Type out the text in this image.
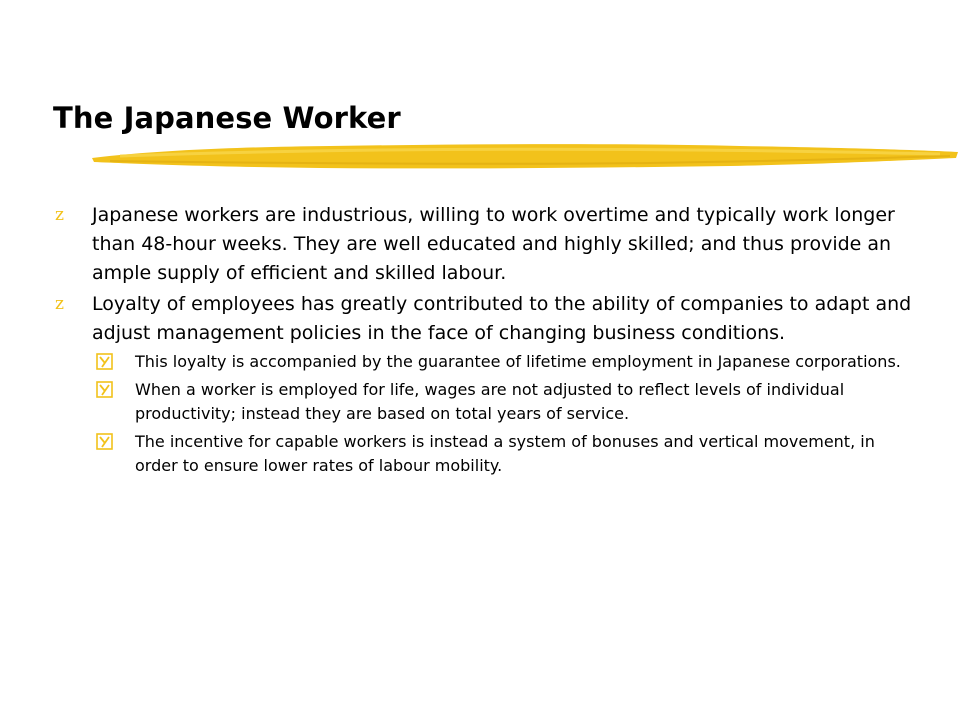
The Japanese Worker
z Japanese workers are industrious, willing to work overtime and typically work longer than 48-hour weeks. They are well educated and highly skilled; and thus provide an ample supply of efficient and skilled labour.
z Loyalty of employees has greatly contributed to the ability of companies to adapt and adjust management policies in the face of changing business conditions.
This loyalty is accompanied by the guarantee of lifetime employment in Japanese corporations.
When a worker is employed for life, wages are not adjusted to reflect levels of individual productivity; instead they are based on total years of service.
The incentive for capable workers is instead a system of bonuses and vertical movement, in order to ensure lower rates of labour mobility.
